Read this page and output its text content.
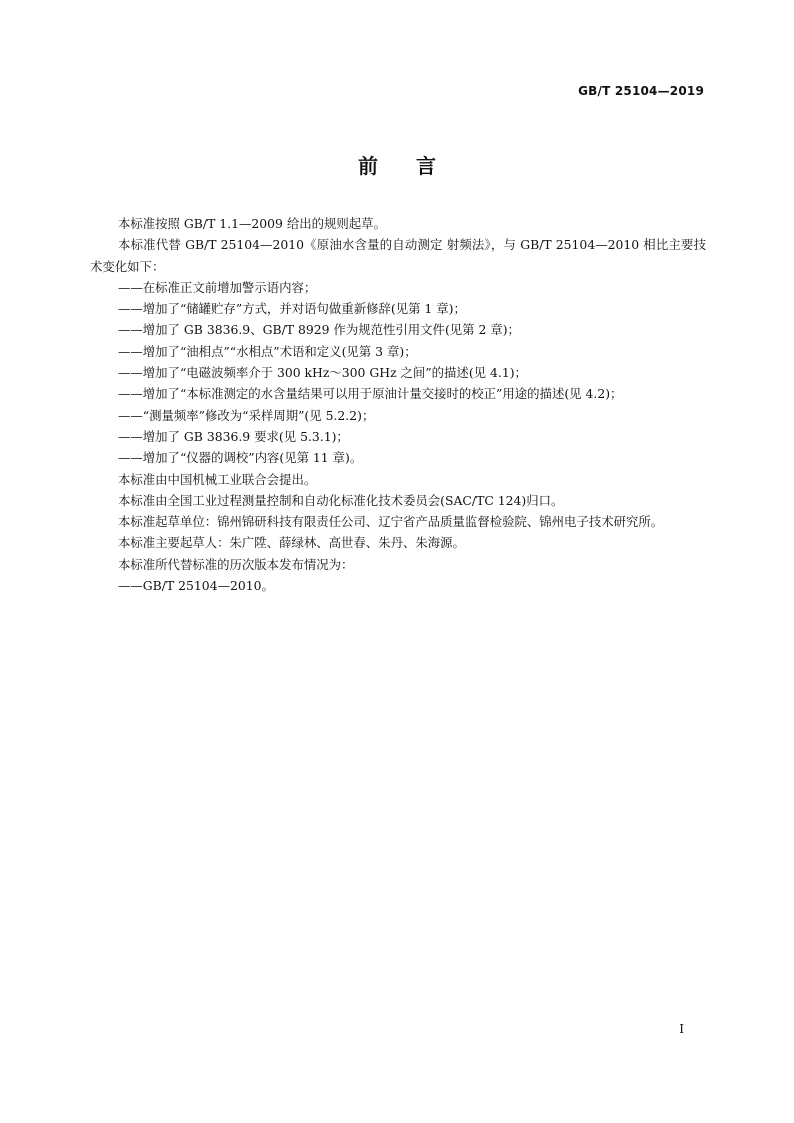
GB/T 25104—2019
前 言

本标准按照 GB/T 1.1—2009 给出的规则起草。

本标准代替 GB/T 25104—2010《原油水含量的自动测定 射频法》，与 GB/T 25104—2010 相比主要技术变化如下：

——在标准正文前增加警示语内容；

——增加了“储罐贮存”方式，并对语句做重新修辞(见第 1 章)；

——增加了 GB 3836.9、GB/T 8929 作为规范性引用文件(见第 2 章)；

——增加了“油相点”“水相点”术语和定义(见第 3 章)；

——增加了“电磁波频率介于 300 kHz～300 GHz 之间”的描述(见 4.1)；

——增加了“本标准测定的水含量结果可以用于原油计量交接时的校正”用途的描述(见 4.2)；

——“测量频率”修改为“采样周期”(见 5.2.2)；

——增加了 GB 3836.9 要求(见 5.3.1)；

——增加了“仪器的调校”内容(见第 11 章)。

本标准由中国机械工业联合会提出。

本标准由全国工业过程测量控制和自动化标准化技术委员会(SAC/TC 124)归口。

本标准起草单位：锦州锦研科技有限责任公司、辽宁省产品质量监督检验院、锦州电子技术研究所。

本标准主要起草人：朱广陞、薛绿林、高世春、朱丹、朱海源。

本标准所代替标准的历次版本发布情况为：

——GB/T 25104—2010。

I
